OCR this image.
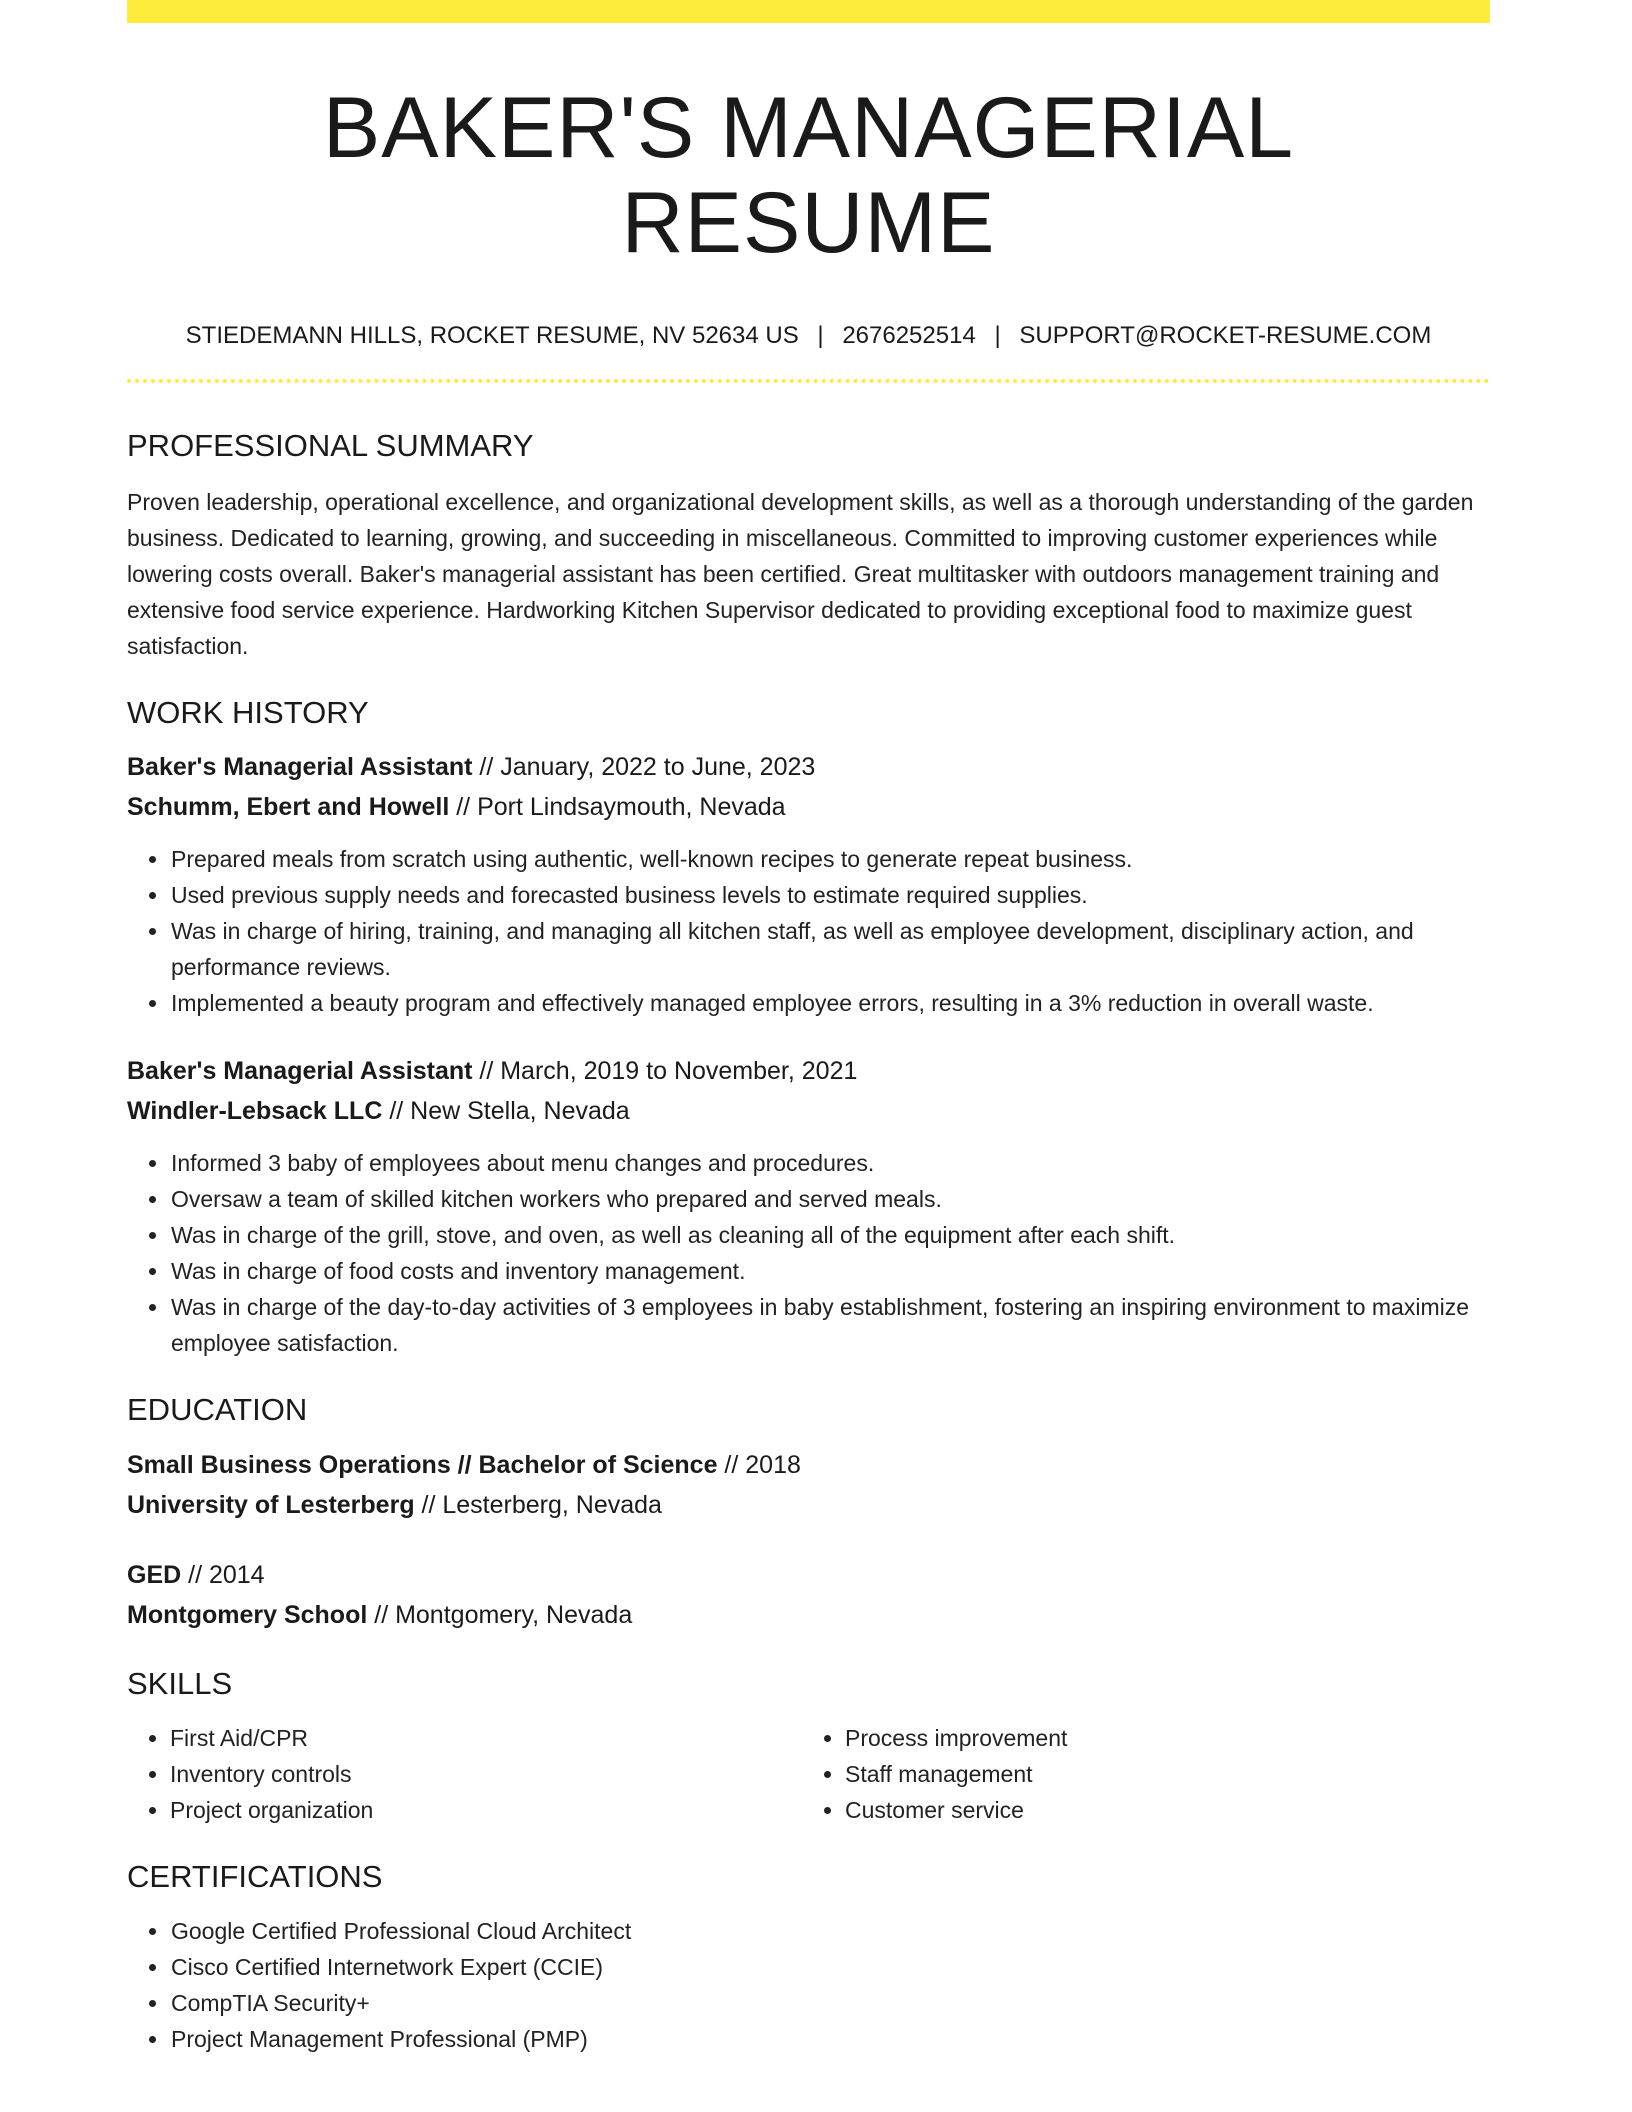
BAKER'S MANAGERIAL RESUME
STIEDEMANN HILLS, ROCKET RESUME, NV 52634 US | 2676252514 | SUPPORT@ROCKET-RESUME.COM
PROFESSIONAL SUMMARY

Proven leadership, operational excellence, and organizational development skills, as well as a thorough understanding of the garden business. Dedicated to learning, growing, and succeeding in miscellaneous. Committed to improving customer experiences while lowering costs overall. Baker's managerial assistant has been certified. Great multitasker with outdoors management training and extensive food service experience. Hardworking Kitchen Supervisor dedicated to providing exceptional food to maximize guest satisfaction.

WORK HISTORY
Baker's Managerial Assistant // January, 2022 to June, 2023
Schumm, Ebert and Howell // Port Lindsaymouth, Nevada
• Prepared meals from scratch using authentic, well-known recipes to generate repeat business.
• Used previous supply needs and forecasted business levels to estimate required supplies.
• Was in charge of hiring, training, and managing all kitchen staff, as well as employee development, disciplinary action, and performance reviews.
• Implemented a beauty program and effectively managed employee errors, resulting in a 3% reduction in overall waste.
Baker's Managerial Assistant // March, 2019 to November, 2021
Windler-Lebsack LLC // New Stella, Nevada
• Informed 3 baby of employees about menu changes and procedures.
• Oversaw a team of skilled kitchen workers who prepared and served meals.
• Was in charge of the grill, stove, and oven, as well as cleaning all of the equipment after each shift.
• Was in charge of food costs and inventory management.
• Was in charge of the day-to-day activities of 3 employees in baby establishment, fostering an inspiring environment to maximize employee satisfaction.
EDUCATION
Small Business Operations // Bachelor of Science // 2018
University of Lesterberg // Lesterberg, Nevada
GED // 2014
Montgomery School // Montgomery, Nevada
SKILLS
• First Aid/CPR
• Inventory controls
• Project organization
• Process improvement
• Staff management
• Customer service
CERTIFICATIONS
• Google Certified Professional Cloud Architect
• Cisco Certified Internetwork Expert (CCIE)
• CompTIA Security+
• Project Management Professional (PMP)
